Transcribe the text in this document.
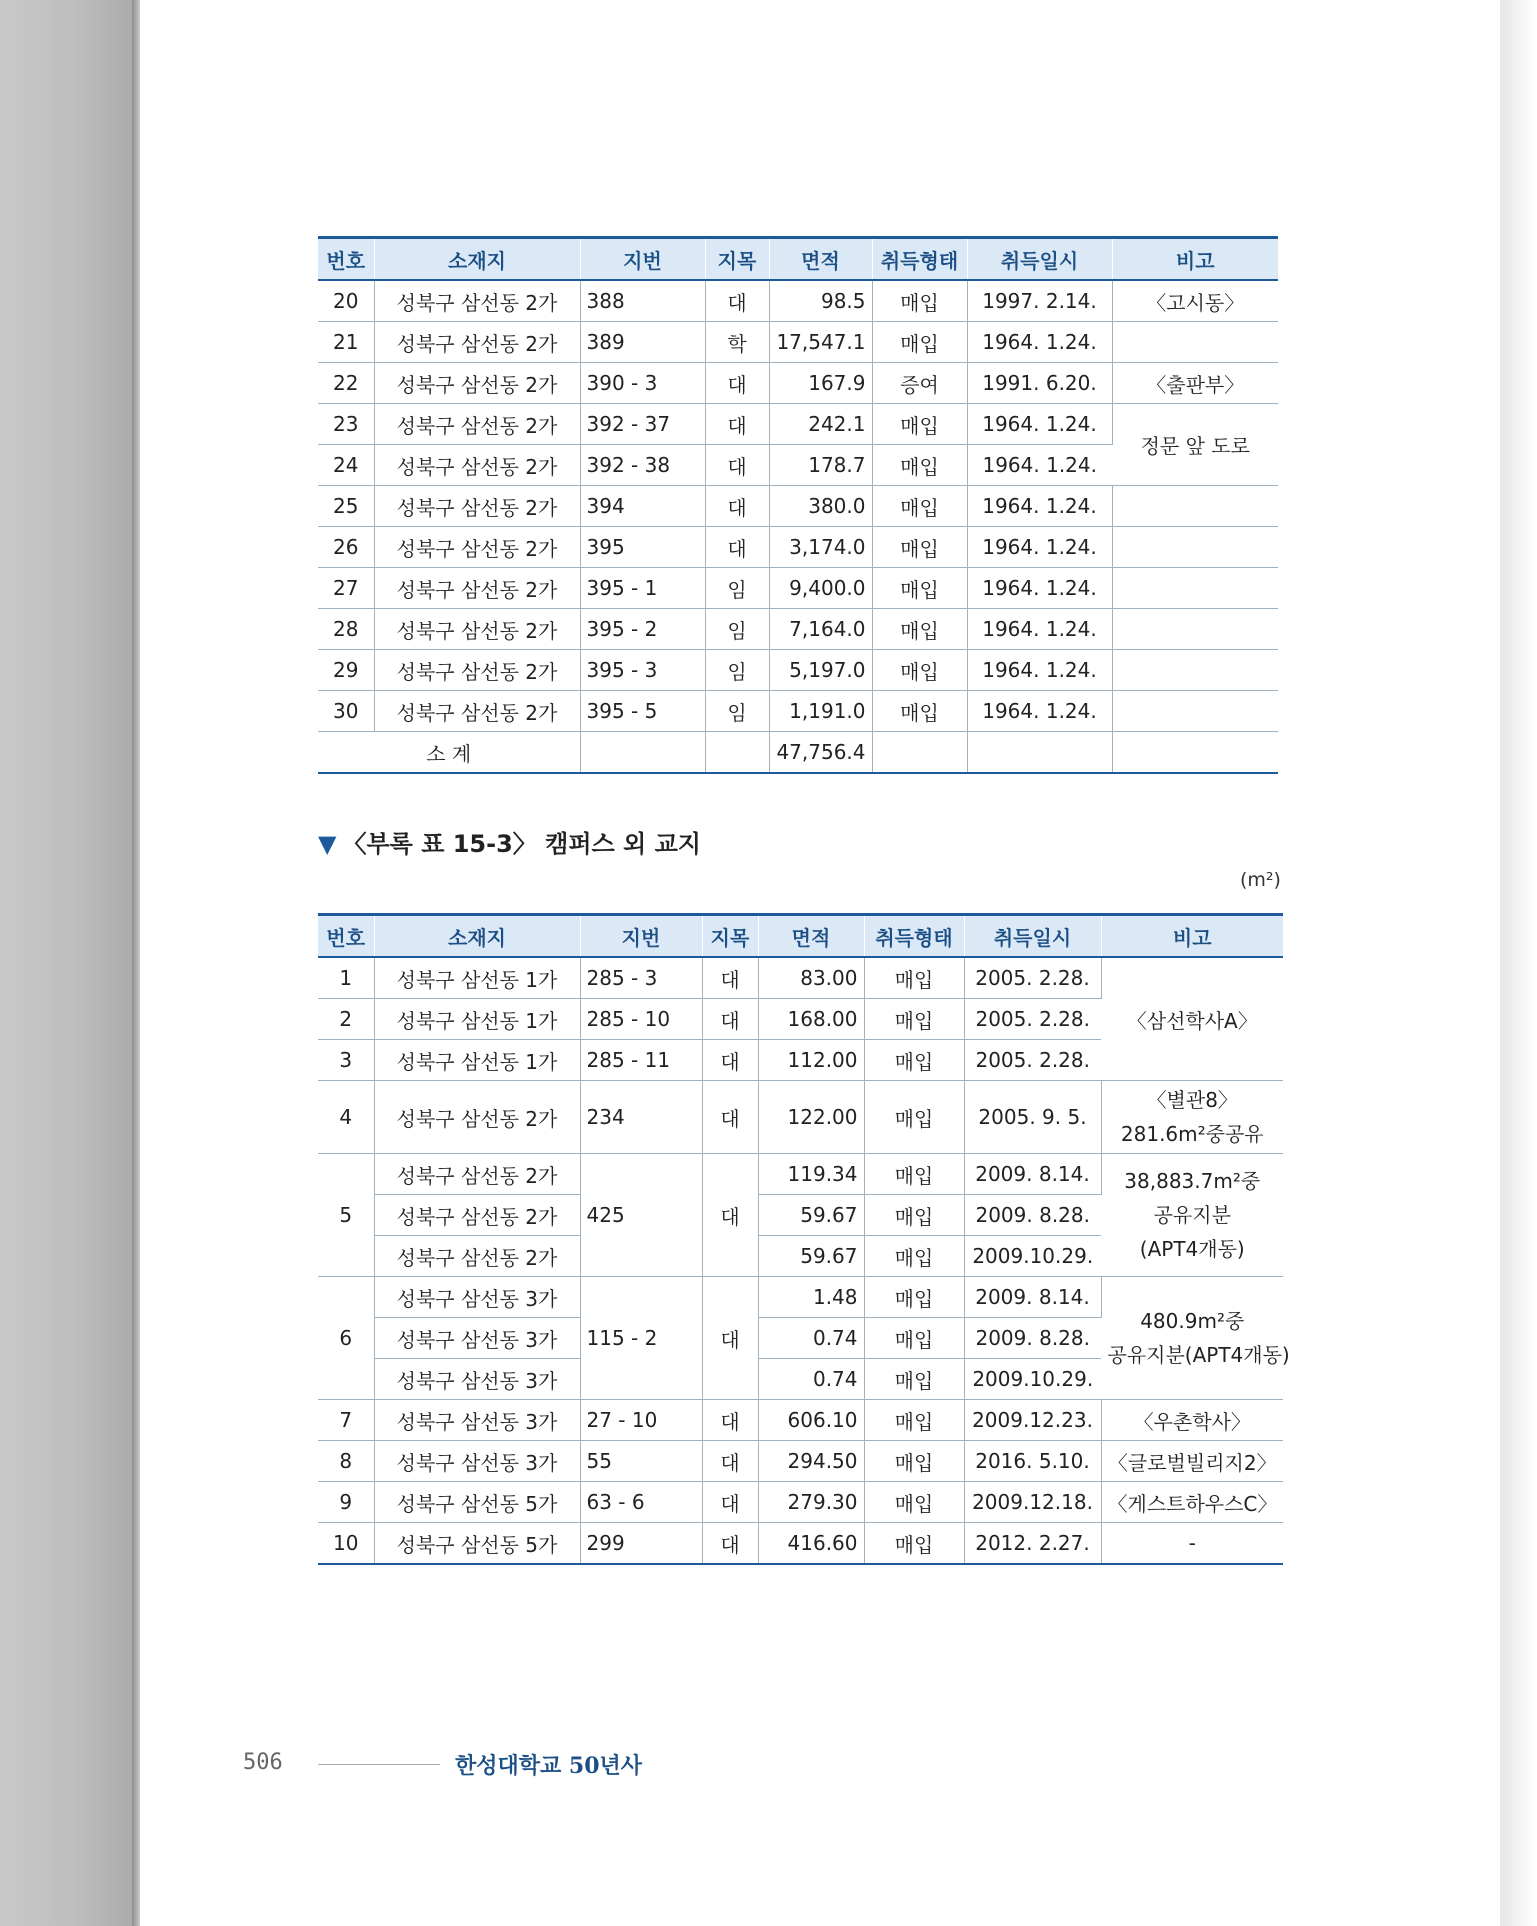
번호	소재지	지번	지목	면적	취득형태	취득일시	비고
20	성북구 삼선동 2가	388	대	98.5	매입	1997. 2.14.	〈고시동〉
21	성북구 삼선동 2가	389	학	17,547.1	매입	1964. 1.24.	
22	성북구 삼선동 2가	390 - 3	대	167.9	증여	1991. 6.20.	〈출판부〉
23	성북구 삼선동 2가	392 - 37	대	242.1	매입	1964. 1.24.	정문 앞 도로
24	성북구 삼선동 2가	392 - 38	대	178.7	매입	1964. 1.24.	
25	성북구 삼선동 2가	394	대	380.0	매입	1964. 1.24.	
26	성북구 삼선동 2가	395	대	3,174.0	매입	1964. 1.24.	
27	성북구 삼선동 2가	395 - 1	임	9,400.0	매입	1964. 1.24.	
28	성북구 삼선동 2가	395 - 2	임	7,164.0	매입	1964. 1.24.	
29	성북구 삼선동 2가	395 - 3	임	5,197.0	매입	1964. 1.24.	
30	성북구 삼선동 2가	395 - 5	임	1,191.0	매입	1964. 1.24.	
소 계				47,756.4			
▼ 〈부록 표 15-3〉 캠퍼스 외 교지
(m²)
번호	소재지	지번	지목	면적	취득형태	취득일시	비고
1	성북구 삼선동 1가	285 - 3	대	83.00	매입	2005. 2.28.	〈삼선학사A〉
2	성북구 삼선동 1가	285 - 10	대	168.00	매입	2005. 2.28.	
3	성북구 삼선동 1가	285 - 11	대	112.00	매입	2005. 2.28.	
4	성북구 삼선동 2가	234	대	122.00	매입	2005. 9. 5.	〈별관8〉
281.6m²중공유
5	성북구 삼선동 2가	425	대	119.34	매입	2009. 8.14.	38,883.7m²중
공유지분
(APT4개동)
	성북구 삼선동 2가			59.67	매입	2009. 8.28.	
	성북구 삼선동 2가			59.67	매입	2009.10.29.	
6	성북구 삼선동 3가	115 - 2	대	1.48	매입	2009. 8.14.	480.9m²중
공유지분(APT4개동)
	성북구 삼선동 3가			0.74	매입	2009. 8.28.	
	성북구 삼선동 3가			0.74	매입	2009.10.29.	
7	성북구 삼선동 3가	27 - 10	대	606.10	매입	2009.12.23.	〈우촌학사〉
8	성북구 삼선동 3가	55	대	294.50	매입	2016. 5.10.	〈글로벌빌리지2〉
9	성북구 삼선동 5가	63 - 6	대	279.30	매입	2009.12.18.	〈게스트하우스C〉
10	성북구 삼선동 5가	299	대	416.60	매입	2012. 2.27.	-
506	한성대학교 50년사
